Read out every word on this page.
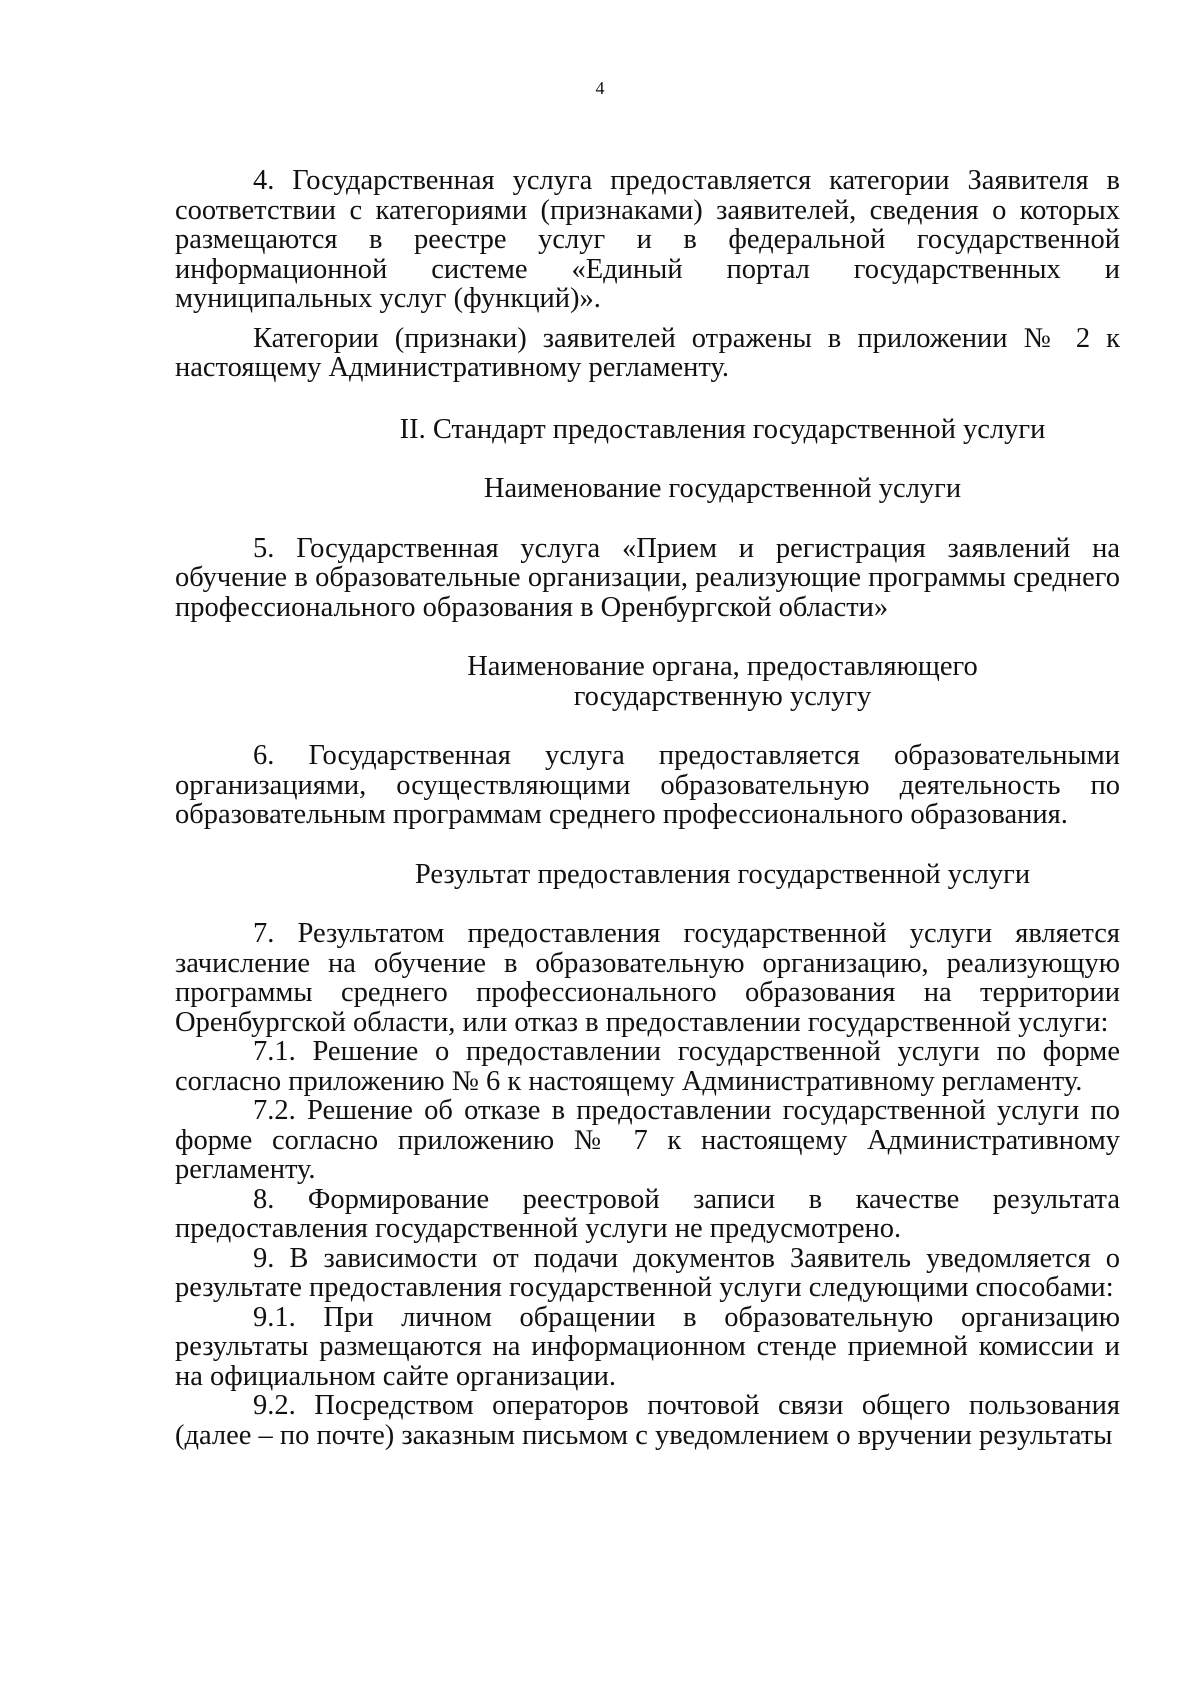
4

4. Государственная услуга предоставляется категории Заявителя в соответствии с категориями (признаками) заявителей, сведения о которых размещаются в реестре услуг и в федеральной государственной информационной системе «Единый портал государственных и муниципальных услуг (функций)».

Категории (признаки) заявителей отражены в приложении № 2 к настоящему Административному регламенту.

II. Стандарт предоставления государственной услуги

Наименование государственной услуги

5. Государственная услуга «Прием и регистрация заявлений на обучение в образовательные организации, реализующие программы среднего профессионального образования в Оренбургской области»

Наименование органа, предоставляющего
государственную услугу

6. Государственная услуга предоставляется образовательными организациями, осуществляющими образовательную деятельность по образовательным программам среднего профессионального образования.

Результат предоставления государственной услуги

7. Результатом предоставления государственной услуги является зачисление на обучение в образовательную организацию, реализующую программы среднего профессионального образования на территории Оренбургской области, или отказ в предоставлении государственной услуги:

7.1. Решение о предоставлении государственной услуги по форме согласно приложению № 6 к настоящему Административному регламенту.

7.2. Решение об отказе в предоставлении государственной услуги по форме согласно приложению № 7 к настоящему Административному регламенту.

8. Формирование реестровой записи в качестве результата предоставления государственной услуги не предусмотрено.

9. В зависимости от подачи документов Заявитель уведомляется о результате предоставления государственной услуги следующими способами:

9.1. При личном обращении в образовательную организацию результаты размещаются на информационном стенде приемной комиссии и на официальном сайте организации.

9.2. Посредством операторов почтовой связи общего пользования (далее – по почте) заказным письмом с уведомлением о вручении результаты
